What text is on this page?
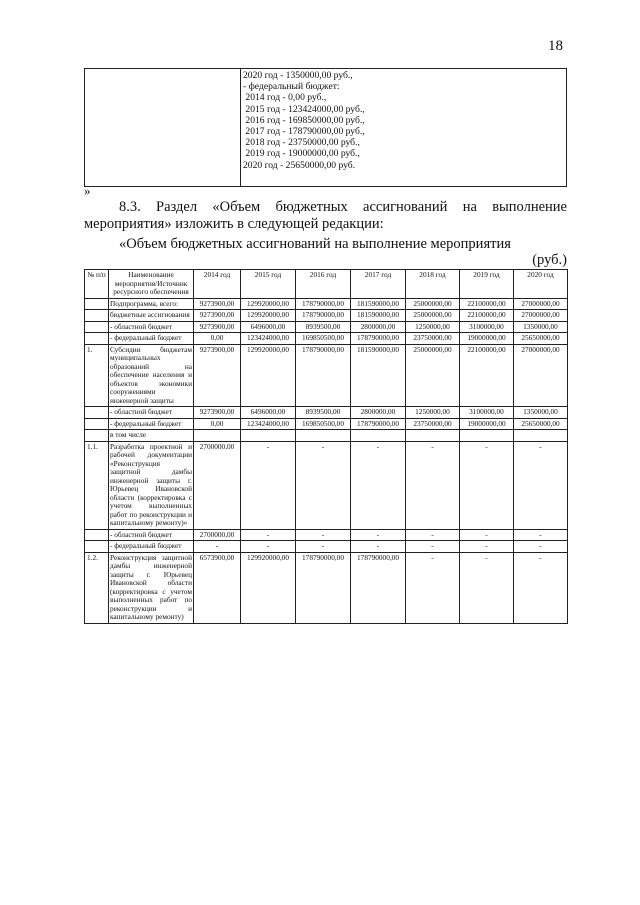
18

2020 год - 1350000,00 руб.,
- федеральный бюджет:
2014 год - 0,00 руб.,
2015 год - 123424000,00 руб.,
2016 год - 169850000,00 руб.,
2017 год - 178790000,00 руб.,
2018 год - 23750000,00 руб.,
2019 год - 19000000,00 руб.,
2020 год - 25650000,00 руб.
»
8.3. Раздел «Объем бюджетных ассигнований на выполнение мероприятия» изложить в следующей редакции:
«Объем бюджетных ассигнований на выполнение мероприятия
(руб.)
№ п/п	Наименование мероприятия/Источник ресурсного обеспечения	2014 год	2015 год	2016 год	2017 год	2018 год	2019 год	2020 год
	Подпрограмма, всего:	9273900,00	129920000,00	178790000,00	181590000,00	25000000,00	22100000,00	27000000,00
	бюджетные ассигнования	9273900,00	129920000,00	178790000,00	181590000,00	25000000,00	22100000,00	27000000,00
	- областной бюджет	9273900,00	6496000,00	8939500,00	2800000,00	1250000,00	3100000,00	1350000,00
	- федеральный бюджет	0,00	123424000,00	169850500,00	178790000,00	23750000,00	19000000,00	25650000,00
1.	Субсидии бюджетам муниципальных образований на обеспечение населения и объектов экономики сооружениями инженерной защиты	9273900,00	129920000,00	178790000,00	181590000,00	25000000,00	22100000,00	27000000,00
	- областной бюджет	9273900,00	6496000,00	8939500,00	2800000,00	1250000,00	3100000,00	1350000,00
	- федеральный бюджет	0,00	123424000,00	169850500,00	178790000,00	23750000,00	19000000,00	25650000,00
	в том числе							
1.1.	Разработка проектной и рабочей документации «Реконструкция защитной дамбы инженерной защиты г. Юрьевец Ивановской области (корректировка с учетом выполненных работ по реконструкции и капитальному ремонту)»	2700000,00	-	-	-	-	-	-
	- областной бюджет	2700000,00	-	-	-	-	-	-
	- федеральный бюджет	-	-	-	-	-	-	-
1.2.	Реконструкция защитной дамбы инженерной защиты г. Юрьевец Ивановской области (корректировка с учетом выполненных работ по реконструкции и капитальному ремонту)	6573900,00	129920000,00	178790000,00	178790000,00	-	-	-
